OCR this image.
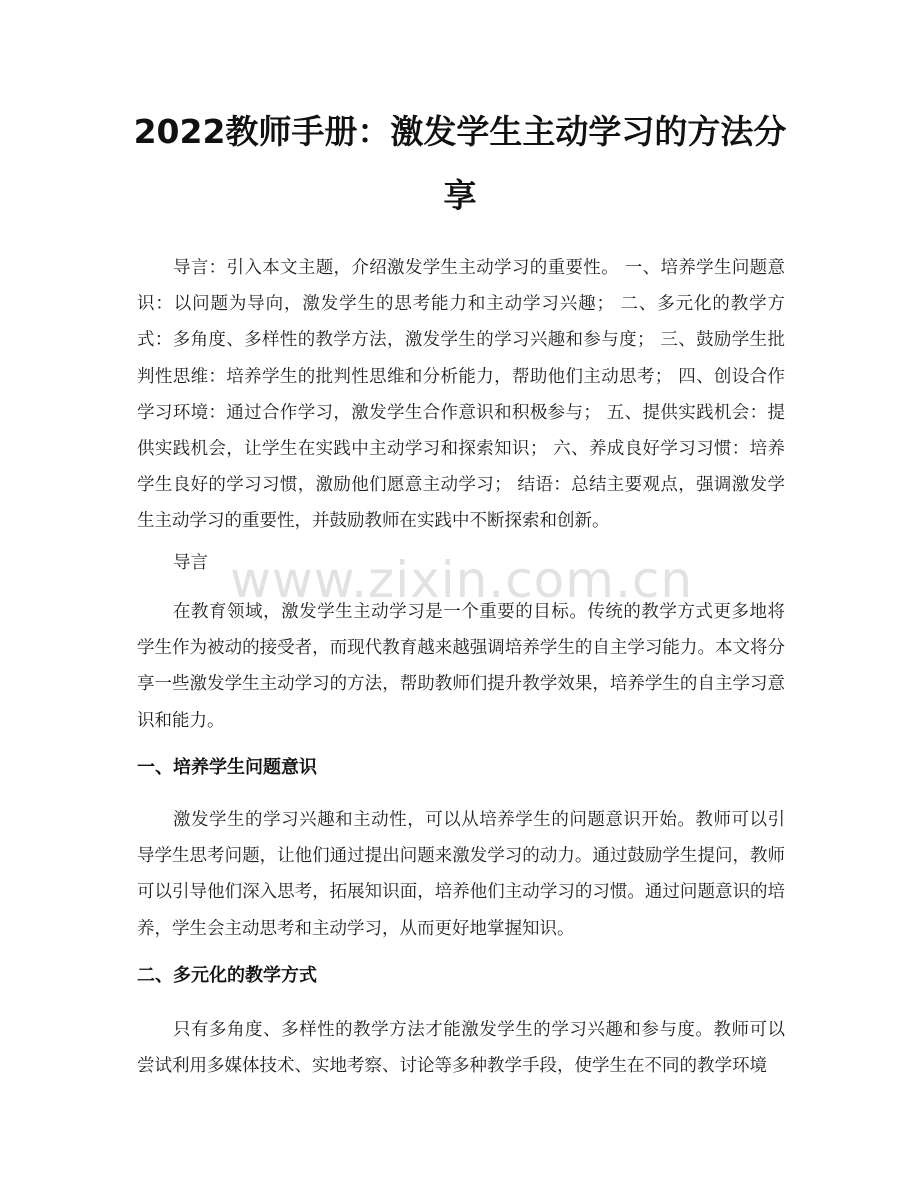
2022教师手册：激发学生主动学习的方法分享

导言：引入本文主题，介绍激发学生主动学习的重要性。 一、培养学生问题意识：以问题为导向，激发学生的思考能力和主动学习兴趣； 二、多元化的教学方式：多角度、多样性的教学方法，激发学生的学习兴趣和参与度； 三、鼓励学生批判性思维：培养学生的批判性思维和分析能力，帮助他们主动思考； 四、创设合作学习环境：通过合作学习，激发学生合作意识和积极参与； 五、提供实践机会：提供实践机会，让学生在实践中主动学习和探索知识； 六、养成良好学习习惯：培养学生良好的学习习惯，激励他们愿意主动学习； 结语：总结主要观点，强调激发学生主动学习的重要性，并鼓励教师在实践中不断探索和创新。

导言

在教育领域，激发学生主动学习是一个重要的目标。传统的教学方式更多地将学生作为被动的接受者，而现代教育越来越强调培养学生的自主学习能力。本文将分享一些激发学生主动学习的方法，帮助教师们提升教学效果，培养学生的自主学习意识和能力。

一、培养学生问题意识

激发学生的学习兴趣和主动性，可以从培养学生的问题意识开始。教师可以引导学生思考问题，让他们通过提出问题来激发学习的动力。通过鼓励学生提问，教师可以引导他们深入思考，拓展知识面，培养他们主动学习的习惯。通过问题意识的培养，学生会主动思考和主动学习，从而更好地掌握知识。

二、多元化的教学方式

只有多角度、多样性的教学方法才能激发学生的学习兴趣和参与度。教师可以尝试利用多媒体技术、实地考察、讨论等多种教学手段，使学生在不同的教学环境

www.zixin.com.cn
